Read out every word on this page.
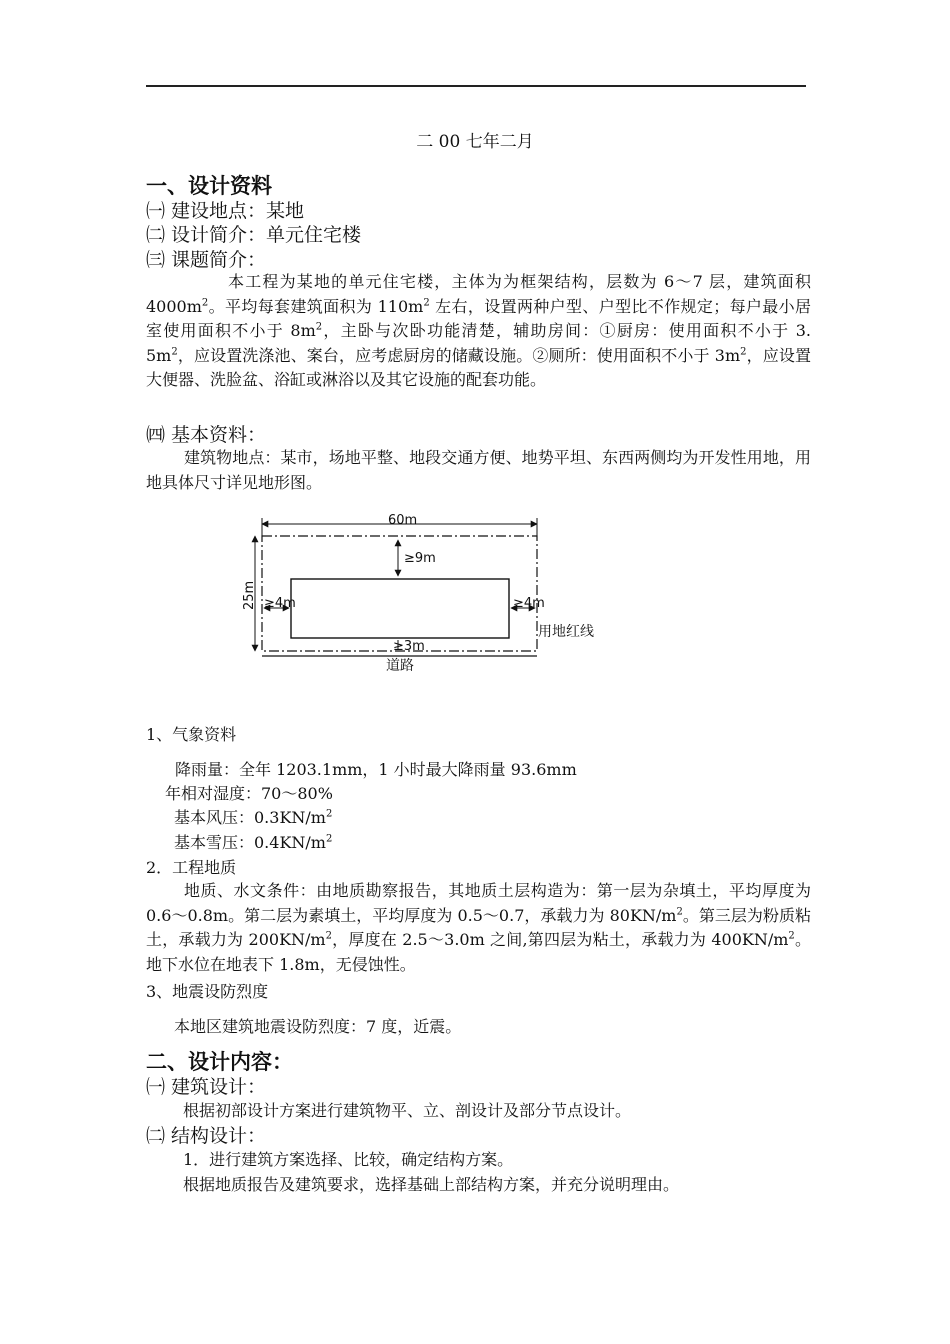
二 00 七年二月
一、设计资料
㈠ 建设地点：某地
㈡ 设计简介：单元住宅楼
㈢ 课题简介：
本工程为某地的单元住宅楼，主体为为框架结构，层数为 6～7 层，建筑面积 $4000m^2$。平均每套建筑面积为 $110m^2$ 左右，设置两种户型、户型比不作规定；每户最小居室使用面积不小于 $8m^2$，主卧与次卧功能清楚，辅助房间：①厨房：使用面积不小于 3. $5m^2$，应设置洗涤池、案台，应考虑厨房的储藏设施。②厕所：使用面积不小于 $3m^2$，应设置大便器、洗脸盆、浴缸或淋浴以及其它设施的配套功能。
㈣ 基本资料：
建筑物地点：某市，场地平整、地段交通方便、地势平坦、东西两侧均为开发性用地，用地具体尺寸详见地形图。
60m
25m
≥9m
≥4m	≥4m
≥3m
道路
用地红线
1、气象资料
降雨量：全年 1203.1mm，1 小时最大降雨量 93.6mm
年相对湿度：70～80%
基本风压：$0.3KN/m^2$
基本雪压：$0.4KN/m^2$
2．工程地质
地质、水文条件：由地质勘察报告，其地质土层构造为：第一层为杂填土，平均厚度为 0.6～0.8m。第二层为素填土，平均厚度为 0.5～0.7，承载力为 $80KN/m^2$。第三层为粉质粘土，承载力为 $200KN/m^2$，厚度在 2.5～3.0m 之间,第四层为粘土，承载力为 $400KN/m^2$。地下水位在地表下 1.8m，无侵蚀性。
3、地震设防烈度
本地区建筑地震设防烈度：7 度，近震。
二、设计内容：
㈠ 建筑设计：
根据初部设计方案进行建筑物平、立、剖设计及部分节点设计。
㈡ 结构设计：
1．进行建筑方案选择、比较，确定结构方案。
根据地质报告及建筑要求，选择基础上部结构方案，并充分说明理由。
